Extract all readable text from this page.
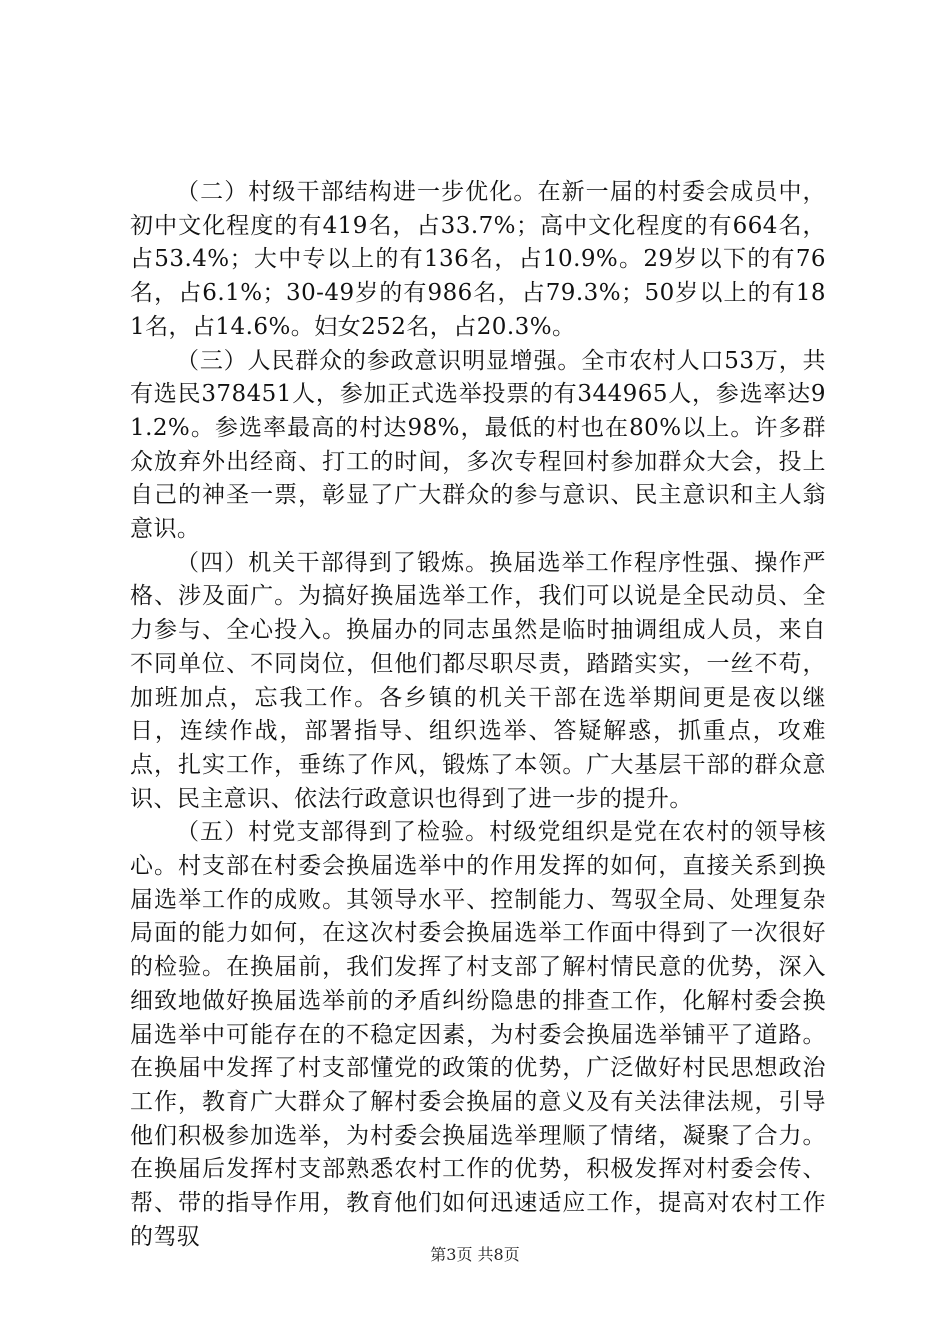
（二）村级干部结构进一步优化。在新一届的村委会成员中，初中文化程度的有419名，占33.7%；高中文化程度的有664名，占53.4%；大中专以上的有136名，占10.9%。29岁以下的有76名，占6.1%；30-49岁的有986名，占79.3%；50岁以上的有181名，占14.6%。妇女252名，占20.3%。

（三）人民群众的参政意识明显增强。全市农村人口53万，共有选民378451人，参加正式选举投票的有344965人，参选率达91.2%。参选率最高的村达98%，最低的村也在80%以上。许多群众放弃外出经商、打工的时间，多次专程回村参加群众大会，投上自己的神圣一票，彰显了广大群众的参与意识、民主意识和主人翁意识。

（四）机关干部得到了锻炼。换届选举工作程序性强、操作严格、涉及面广。为搞好换届选举工作，我们可以说是全民动员、全力参与、全心投入。换届办的同志虽然是临时抽调组成人员，来自不同单位、不同岗位，但他们都尽职尽责，踏踏实实，一丝不苟，加班加点，忘我工作。各乡镇的机关干部在选举期间更是夜以继日，连续作战，部署指导、组织选举、答疑解惑，抓重点，攻难点，扎实工作，垂练了作风，锻炼了本领。广大基层干部的群众意识、民主意识、依法行政意识也得到了进一步的提升。

（五）村党支部得到了检验。村级党组织是党在农村的领导核心。村支部在村委会换届选举中的作用发挥的如何，直接关系到换届选举工作的成败。其领导水平、控制能力、驾驭全局、处理复杂局面的能力如何，在这次村委会换届选举工作面中得到了一次很好的检验。在换届前，我们发挥了村支部了解村情民意的优势，深入细致地做好换届选举前的矛盾纠纷隐患的排查工作，化解村委会换届选举中可能存在的不稳定因素，为村委会换届选举铺平了道路。在换届中发挥了村支部懂党的政策的优势，广泛做好村民思想政治工作，教育广大群众了解村委会换届的意义及有关法律法规，引导他们积极参加选举，为村委会换届选举理顺了情绪，凝聚了合力。在换届后发挥村支部熟悉农村工作的优势，积极发挥对村委会传、帮、带的指导作用，教育他们如何迅速适应工作，提高对农村工作的驾驭

第3页 共8页
